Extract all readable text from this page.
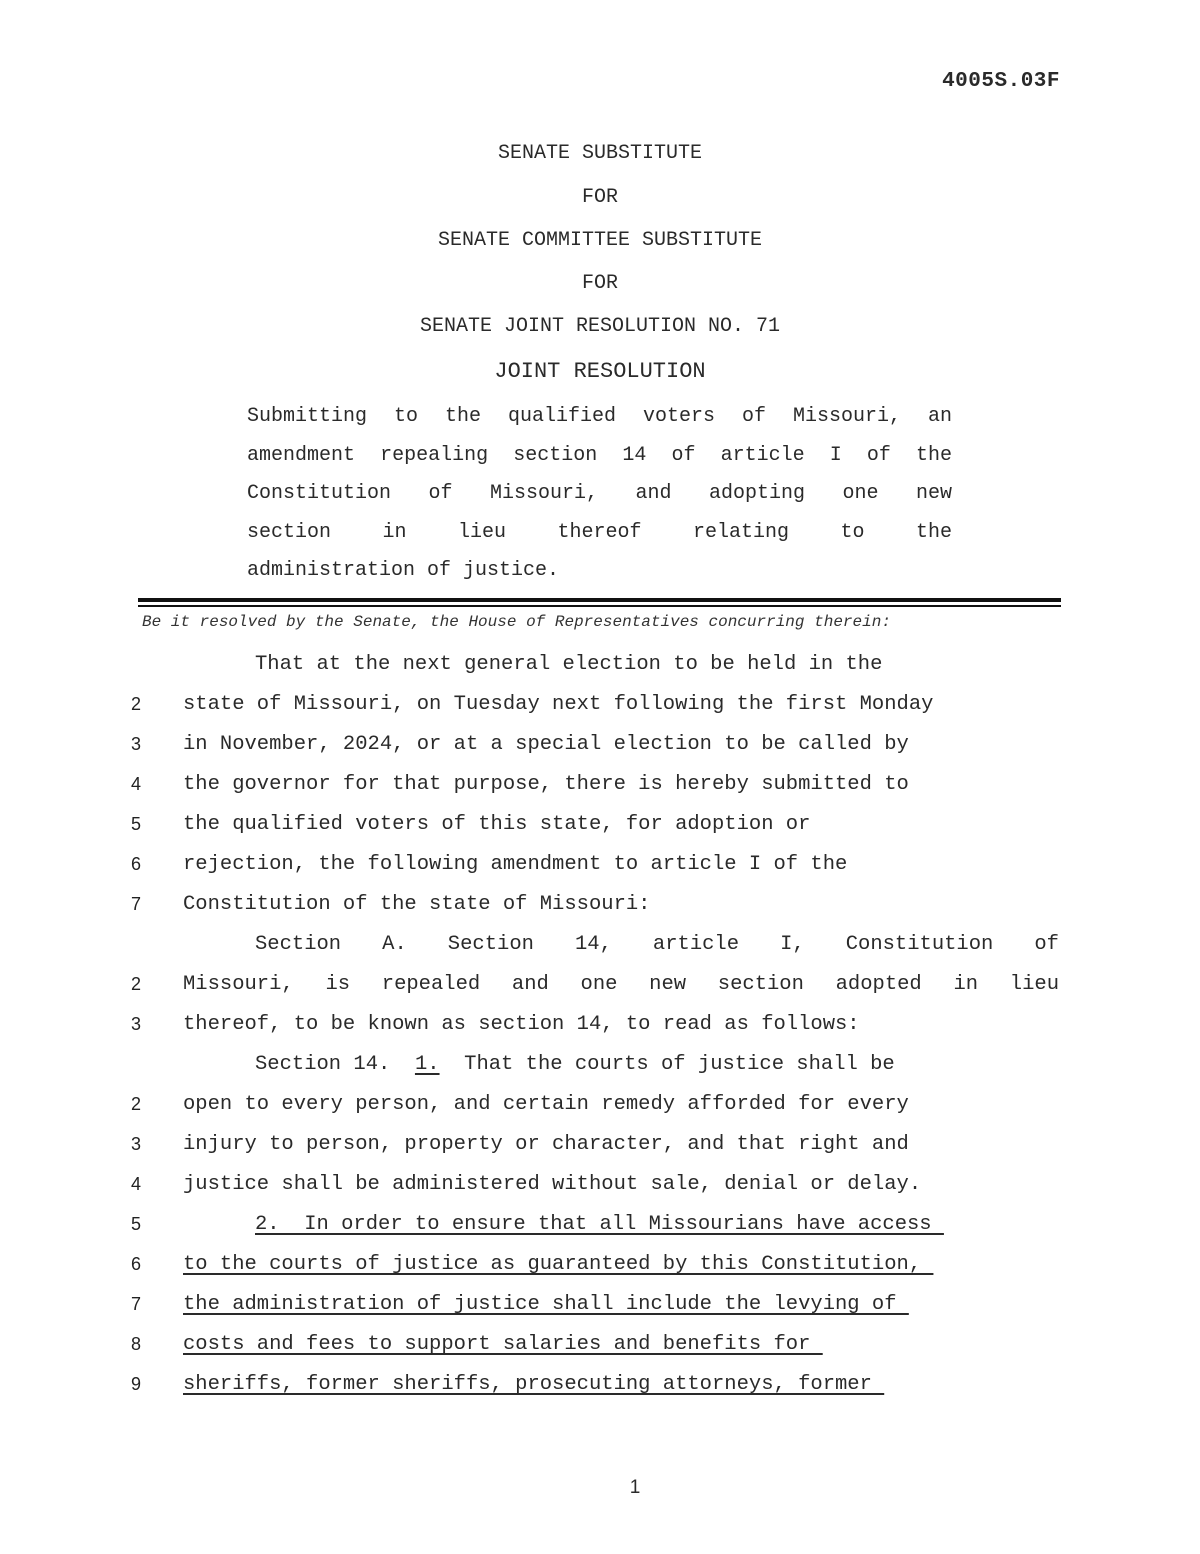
4005S.03F
SENATE SUBSTITUTE
FOR
SENATE COMMITTEE SUBSTITUTE
FOR
SENATE JOINT RESOLUTION NO. 71
JOINT RESOLUTION
Submitting to the qualified voters of Missouri, an
amendment repealing section 14 of article I of the
Constitution of Missouri, and adopting one new
section in lieu thereof relating to the
administration of justice.
Be it resolved by the Senate, the House of Representatives concurring therein:
That at the next general election to be held in the
2 state of Missouri, on Tuesday next following the first Monday
3 in November, 2024, or at a special election to be called by
4 the governor for that purpose, there is hereby submitted to
5 the qualified voters of this state, for adoption or
6 rejection, the following amendment to article I of the
7 Constitution of the state of Missouri:
Section A. Section 14, article I, Constitution of
2 Missouri, is repealed and one new section adopted in lieu
3 thereof, to be known as section 14, to read as follows:
Section 14.  1.  That the courts of justice shall be
2 open to every person, and certain remedy afforded for every
3 injury to person, property or character, and that right and
4 justice shall be administered without sale, denial or delay.
5	2.  In order to ensure that all Missourians have access
6 to the courts of justice as guaranteed by this Constitution,
7 the administration of justice shall include the levying of
8 costs and fees to support salaries and benefits for
9 sheriffs, former sheriffs, prosecuting attorneys, former
1
